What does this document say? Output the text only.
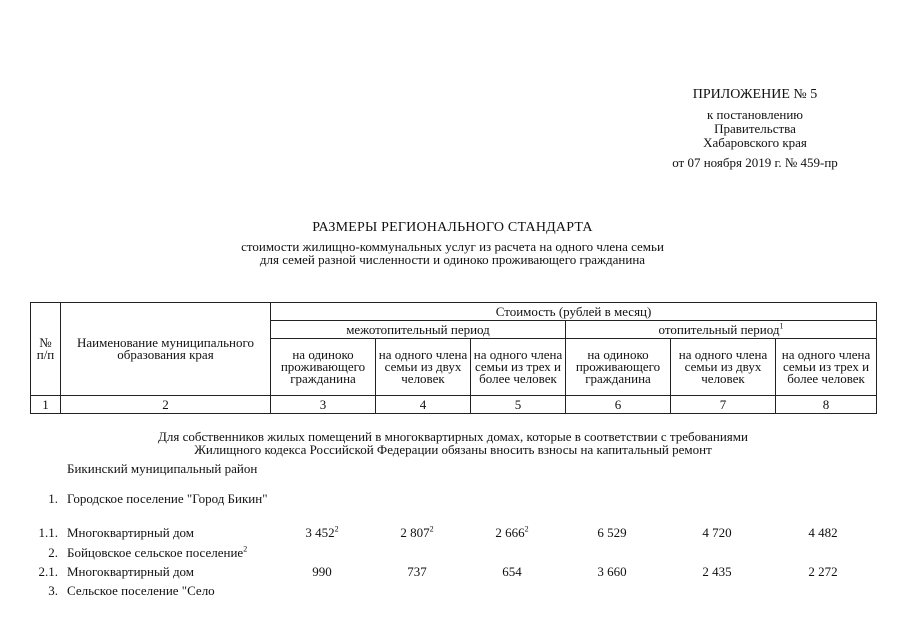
ПРИЛОЖЕНИЕ № 5
к постановлению
Правительства
Хабаровского края
от 07 ноября 2019 г. № 459-пр
РАЗМЕРЫ РЕГИОНАЛЬНОГО СТАНДАРТА
стоимости жилищно-коммунальных услуг из расчета на одного члена семьи
для семей разной численности и одиноко проживающего гражданина
№ п/п	Наименование муниципального образования края	Стоимость (рублей в месяц)					
		межотопительный период			отопительный период$^1$
		на одиноко проживающего гражданина	на одного члена семьи из двух человек	на одного члена семьи из трех и более человек	на одиноко проживающего гражданина	на одного члена семьи из двух человек	на одного члена семьи из трех и более человек
1	2	3	4	5	6	7	8
Для собственников жилых помещений в многоквартирных домах, которые в соответствии с требованиями
Жилищного кодекса Российской Федерации обязаны вносить взносы на капитальный ремонт
Бикинский муниципальный район
1. Городское поселение "Город Бикин"
1.1. Многоквартирный дом	3 $452^2$	2 $807^2$	2 $666^2$	6 529	4 720	4 482
2. Бойцовское сельское поселение$^2$
2.1. Многоквартирный дом	990	737	654	3 660	2 435	2 272
3. Сельское поселение "Село
